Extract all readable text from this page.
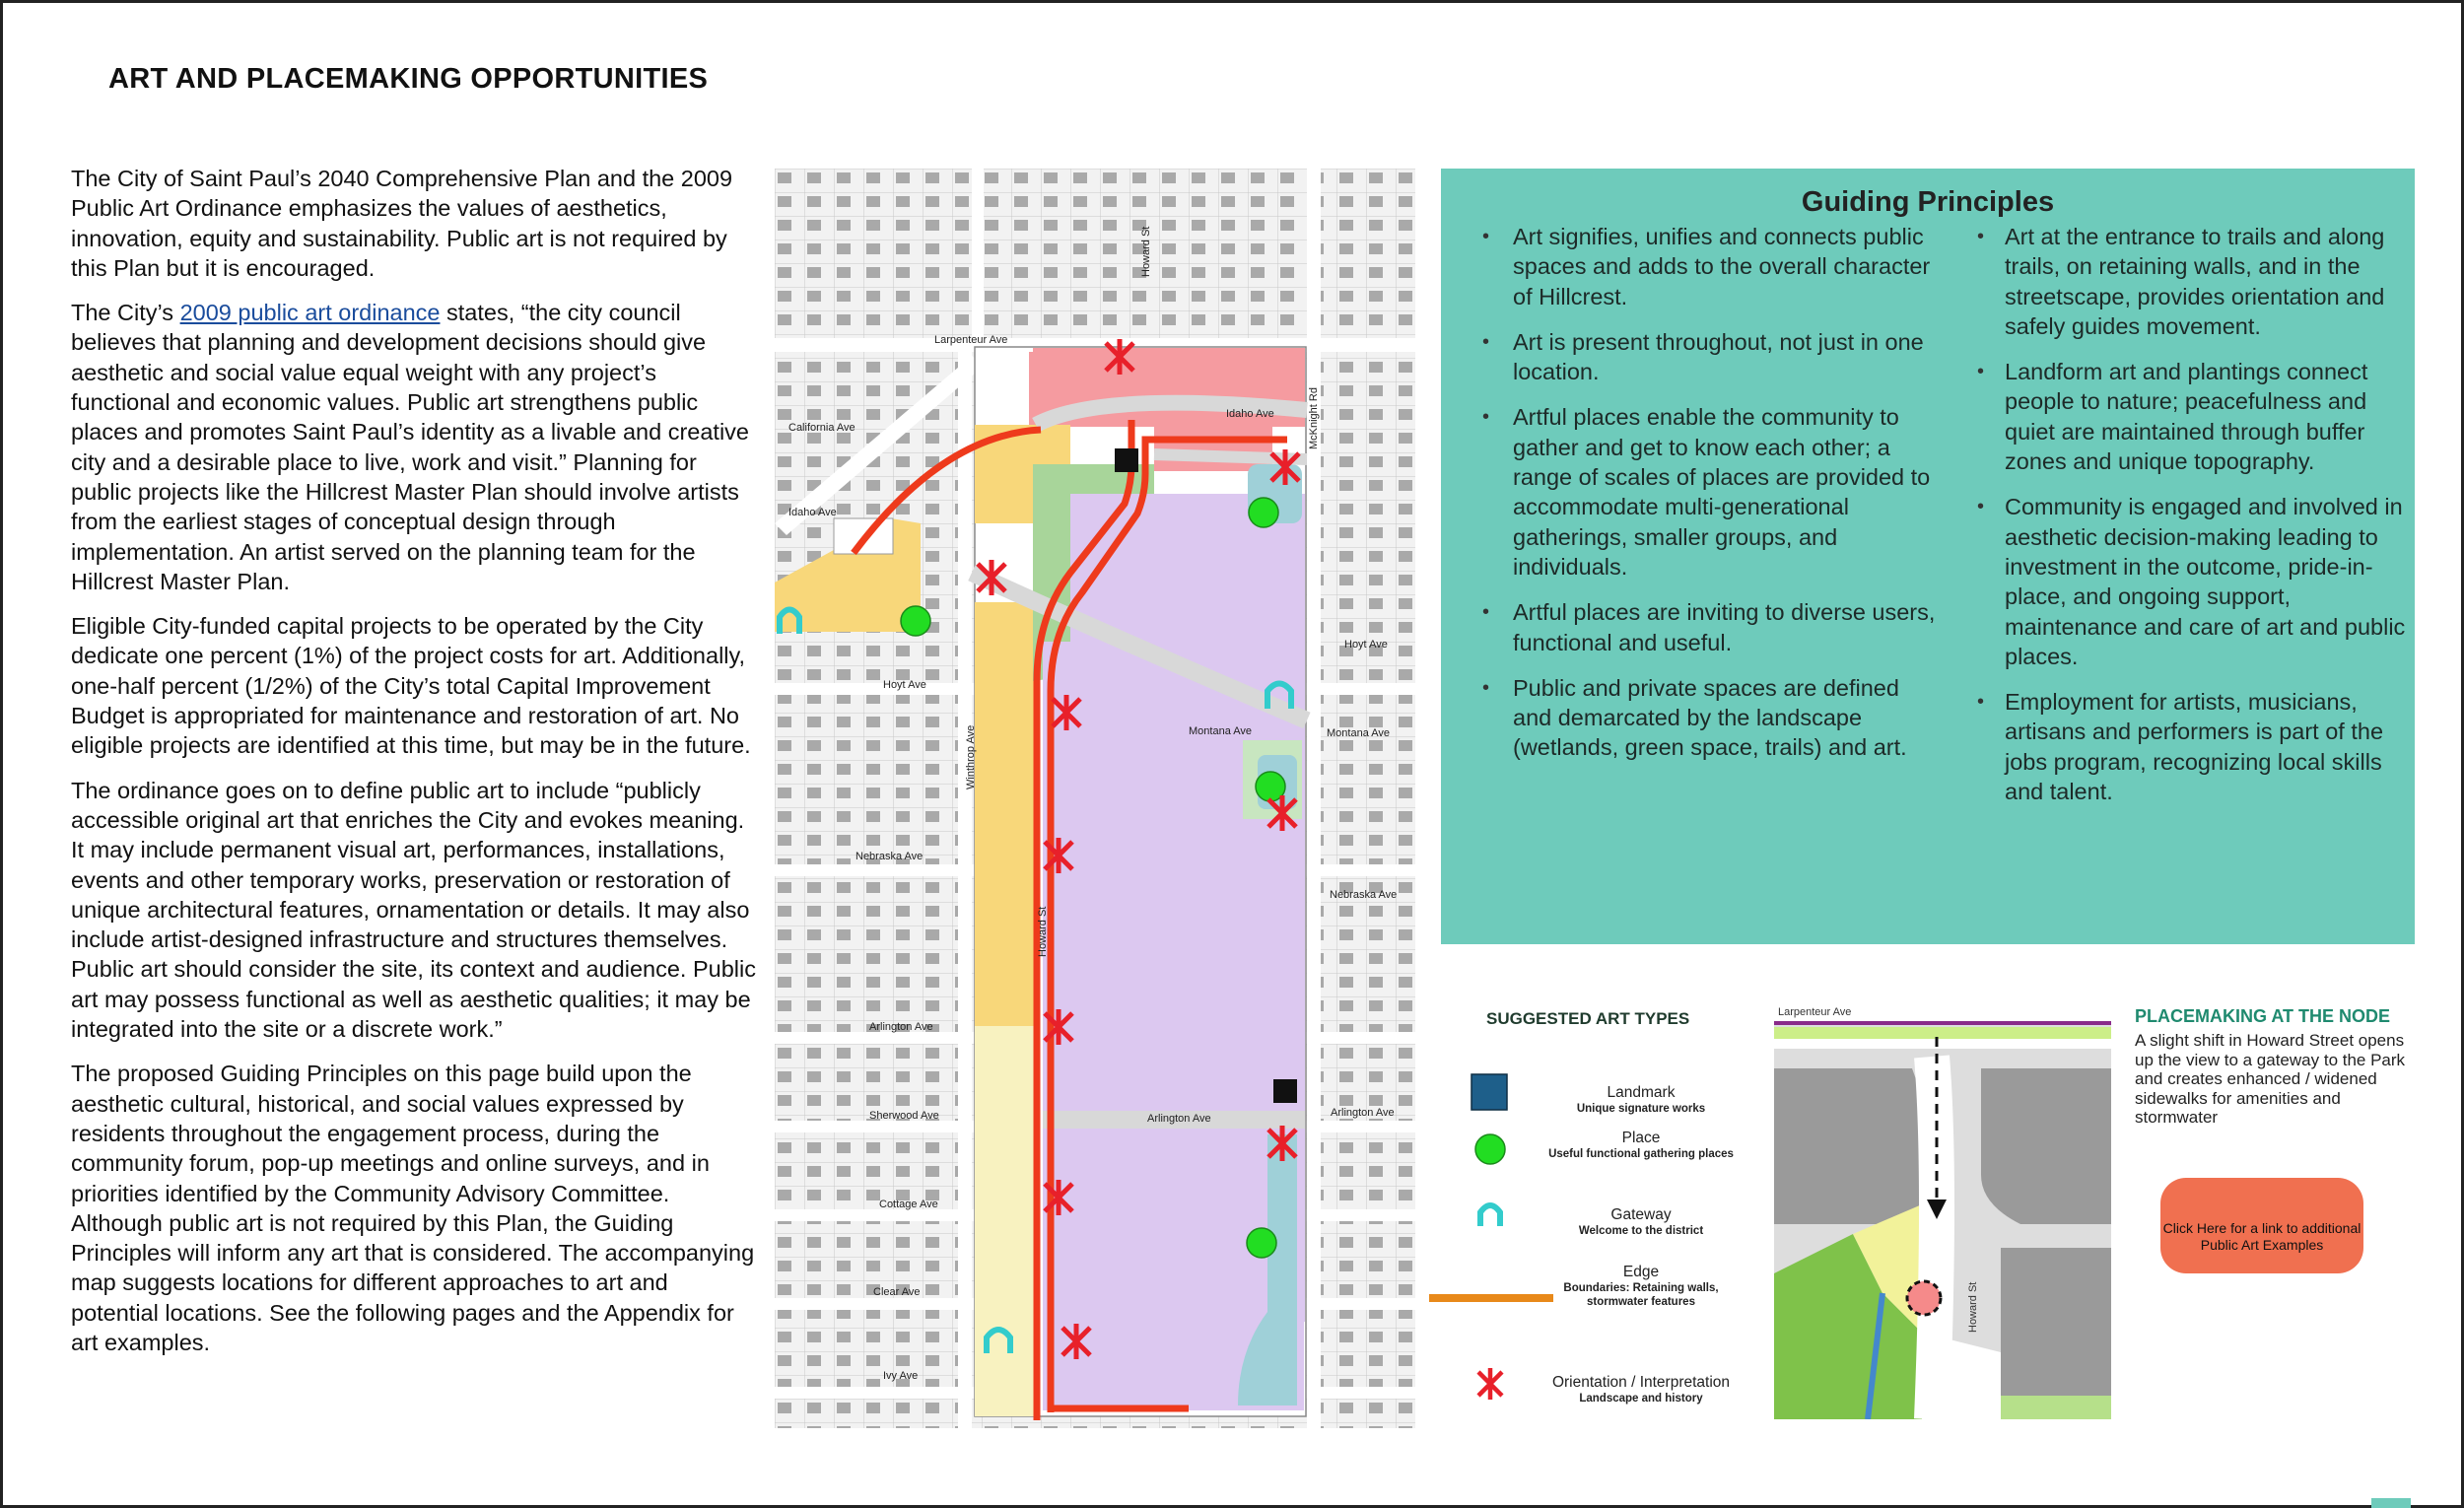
ART AND PLACEMAKING OPPORTUNITIES

The City of Saint Paul’s 2040 Comprehensive Plan and the 2009 Public Art Ordinance emphasizes the values of aesthetics, innovation, equity and sustainability. Public art is not required by this Plan but it is encouraged.

The City’s 2009 public art ordinance states, “the city council believes that planning and development decisions should give aesthetic and social value equal weight with any project’s functional and economic values. Public art strengthens public places and promotes Saint Paul’s identity as a livable and creative city and a desirable place to live, work and visit.” Planning for public projects like the Hillcrest Master Plan should involve artists from the earliest stages of conceptual design through implementation. An artist served on the planning team for the Hillcrest Master Plan.

Eligible City-funded capital projects to be operated by the City dedicate one percent (1%) of the project costs for art. Additionally, one-half percent (1/2%) of the City’s total Capital Improvement Budget is appropriated for maintenance and restoration of art. No eligible projects are identified at this time, but may be in the future.

The ordinance goes on to define public art to include “publicly accessible original art that enriches the City and evokes meaning. It may include permanent visual art, performances, installations, events and other temporary works, preservation or restoration of unique architectural features, ornamentation or details. It may also include artist-designed infrastructure and structures themselves. Public art should consider the site, its context and audience. Public art may possess functional as well as aesthetic qualities; it may be integrated into the site or a discrete work.”

The proposed Guiding Principles on this page build upon the aesthetic cultural, historical, and social values expressed by residents throughout the engagement process, during the community forum, pop-up meetings and online surveys, and in priorities identified by the Community Advisory Committee. Although public art is not required by this Plan, the Guiding Principles will inform any art that is considered. The accompanying map suggests locations for different approaches to art and potential locations. See the following pages and the Appendix for art examples.

Larpenteur Ave
Idaho Ave
Idaho Ave
California Ave	McKnight Rd
Howard St
Howard St
Hoyt Ave
Hoyt Ave
Montana Ave	Montana Ave
Winthrop Ave
Nebraska Ave
Nebraska Ave
Arlington Ave
Arlington Ave	Arlington Ave
Sherwood Ave
Cottage Ave
Clear Ave
Ivy Ave
Guiding Principles
• Art signifies, unifies and connects public spaces and adds to the overall character of Hillcrest.
• Art is present throughout, not just in one location.
• Artful places enable the community to gather and get to know each other; a range of scales of places are provided to accommodate multi-generational gatherings, smaller groups, and individuals.
• Artful places are inviting to diverse users, functional and useful.
• Public and private spaces are defined and demarcated by the landscape (wetlands, green space, trails) and art.
• Art at the entrance to trails and along trails, on retaining walls, and in the streetscape, provides orientation and safely guides movement.
• Landform art and plantings connect people to nature; peacefulness and quiet are maintained through buffer zones and unique topography.
• Community is engaged and involved in aesthetic decision-making leading to investment in the outcome, pride-in-place, and ongoing support, maintenance and care of art and public places.
• Employment for artists, musicians, artisans and performers is part of the jobs program, recognizing local skills and talent.
SUGGESTED ART TYPES
Landmark
Unique signature works
Place
Useful functional gathering places
Gateway
Welcome to the district
Edge
Boundaries: Retaining walls, stormwater features
Orientation / Interpretation
Landscape and history
Larpenteur Ave
Howard St
PLACEMAKING AT THE NODE
A slight shift in Howard Street opens up the view to a gateway to the Park and creates enhanced / widened sidewalks for amenities and stormwater
Click Here for a link to additional Public Art Examples
